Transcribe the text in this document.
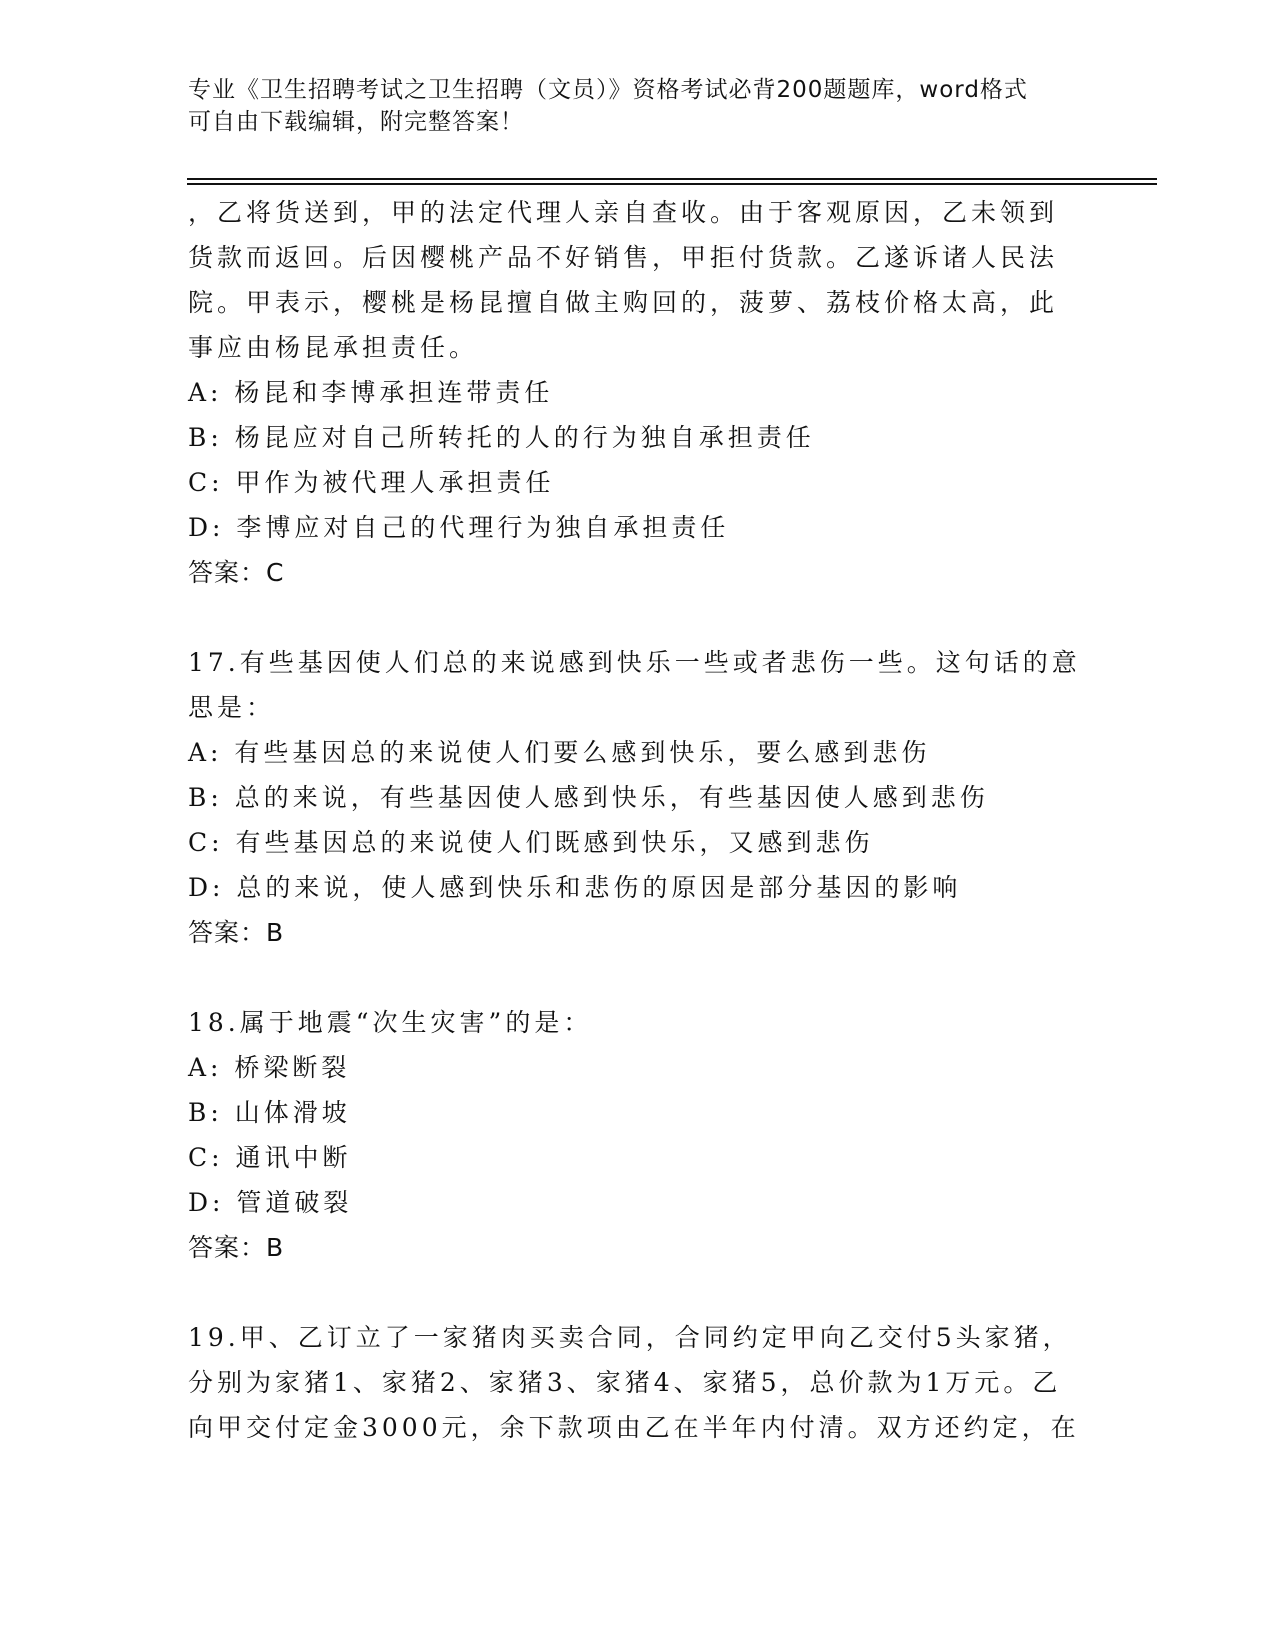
专业《卫生招聘考试之卫生招聘（文员）》资格考试必背200题题库，word格式

可自由下载编辑，附完整答案！

，乙将货送到，甲的法定代理人亲自查收。由于客观原因，乙未领到

货款而返回。后因樱桃产品不好销售，甲拒付货款。乙遂诉诸人民法

院。甲表示，樱桃是杨昆擅自做主购回的，菠萝、荔枝价格太高，此

事应由杨昆承担责任。

A: 杨昆和李博承担连带责任

B: 杨昆应对自己所转托的人的行为独自承担责任

C: 甲作为被代理人承担责任

D: 李博应对自己的代理行为独自承担责任

答案：C

17.有些基因使人们总的来说感到快乐一些或者悲伤一些。这句话的意

思是：

A: 有些基因总的来说使人们要么感到快乐，要么感到悲伤

B: 总的来说，有些基因使人感到快乐，有些基因使人感到悲伤

C: 有些基因总的来说使人们既感到快乐，又感到悲伤

D: 总的来说，使人感到快乐和悲伤的原因是部分基因的影响

答案：B

18.属于地震“次生灾害”的是：

A: 桥梁断裂

B: 山体滑坡

C: 通讯中断

D: 管道破裂

答案：B

19.甲、乙订立了一家猪肉买卖合同，合同约定甲向乙交付5头家猪，

分别为家猪1、家猪2、家猪3、家猪4、家猪5，总价款为1万元。乙

向甲交付定金3000元，余下款项由乙在半年内付清。双方还约定，在
